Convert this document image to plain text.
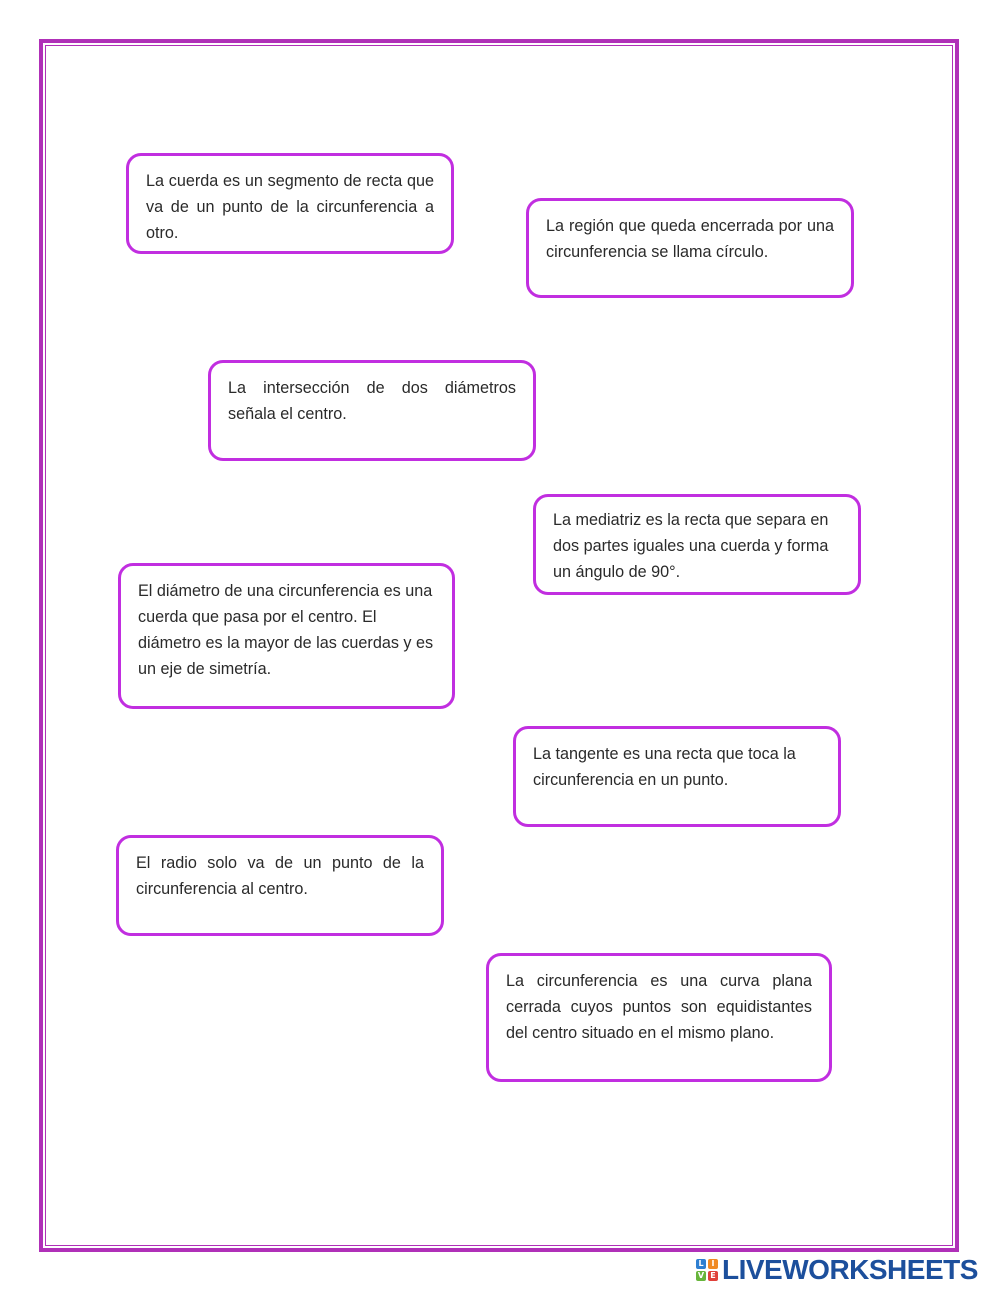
La cuerda es un segmento de recta que va de un punto de la circunferencia a otro.	La región que queda encerrada por una circunferencia se llama círculo.
La intersección de dos diámetros señala el centro.
La mediatriz es la recta que separa en dos partes iguales una cuerda y forma un ángulo de 90°.
El diámetro de una circunferencia es una cuerda que pasa por el centro. El diámetro es la mayor de las cuerdas y es un eje de simetría.
La tangente es una recta que toca la circunferencia en un punto.
El radio solo va de un punto de la circunferencia al centro.
La circunferencia es una curva plana cerrada cuyos puntos son equidistantes del centro situado en el mismo plano.
L I
V E LIVEWORKSHEETS
